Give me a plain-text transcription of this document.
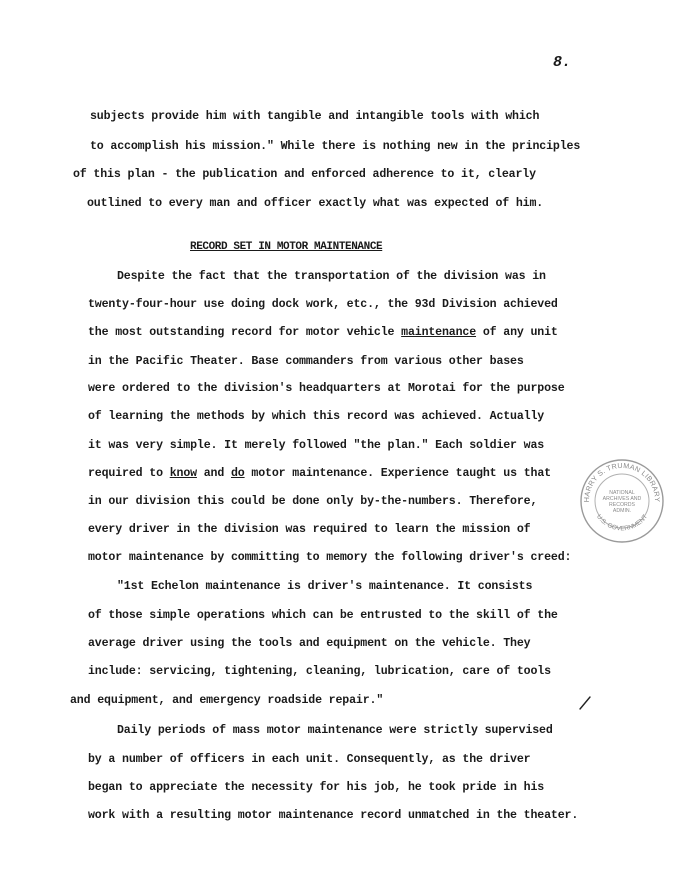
8.
subjects provide him with tangible and intangible tools with which
to accomplish his mission." While there is nothing new in the principles
of this plan - the publication and enforced adherence to it, clearly
outlined to every man and officer exactly what was expected of him.
RECORD SET IN MOTOR MAINTENANCE
Despite the fact that the transportation of the division was in
twenty-four-hour use doing dock work, etc., the 93d Division achieved
the most outstanding record for motor vehicle maintenance of any unit
in the Pacific Theater. Base commanders from various other bases
were ordered to the division's headquarters at Morotai for the purpose
of learning the methods by which this record was achieved. Actually
it was very simple. It merely followed "the plan." Each soldier was
required to know and do motor maintenance. Experience taught us that
in our division this could be done only by-the-numbers. Therefore,
every driver in the division was required to learn the mission of
motor maintenance by committing to memory the following driver's creed:
"1st Echelon maintenance is driver's maintenance. It consists
of those simple operations which can be entrusted to the skill of the
average driver using the tools and equipment on the vehicle. They
include: servicing, tightening, cleaning, lubrication, care of tools
and equipment, and emergency roadside repair."
Daily periods of mass motor maintenance were strictly supervised
by a number of officers in each unit. Consequently, as the driver
began to appreciate the necessity for his job, he took pride in his
work with a resulting motor maintenance record unmatched in the theater.
HARRY S. TRUMAN LIBRARY
U.S. GOVERNMENT
NATIONAL
ARCHIVES AND
RECORDS
ADMIN.
